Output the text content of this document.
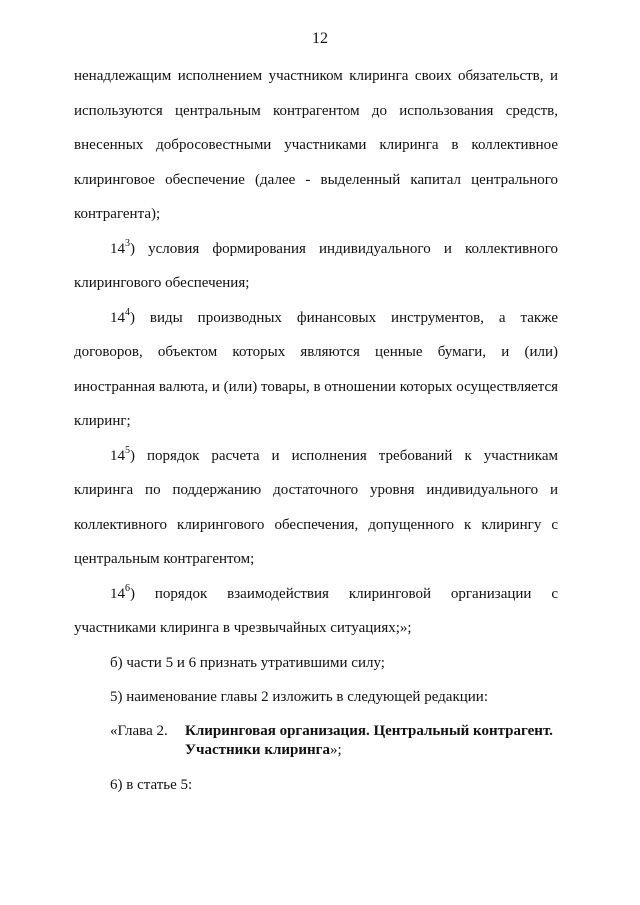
12
ненадлежащим исполнением участником клиринга своих обязательств, и
используются центральным контрагентом до использования средств,
внесенных добросовестными участниками клиринга в коллективное
клиринговое обеспечение (далее - выделенный капитал центрального
контрагента);
$14^3$) условия формирования индивидуального и коллективного
клирингового обеспечения;
$14^4$) виды производных финансовых инструментов, а также
договоров, объектом которых являются ценные бумаги, и (или)
иностранная валюта, и (или) товары, в отношении которых осуществляется
клиринг;
$14^5$) порядок расчета и исполнения требований к участникам
клиринга по поддержанию достаточного уровня индивидуального и
коллективного клирингового обеспечения, допущенного к клирингу с
центральным контрагентом;
$14^6$) порядок взаимодействия клиринговой организации с
участниками клиринга в чрезвычайных ситуациях;»;
б) части 5 и 6 признать утратившими силу;
5) наименование главы 2 изложить в следующей редакции:
«Глава 2. Клиринговая организация. Центральный контрагент.
Участники клиринга»;
6) в статье 5:
